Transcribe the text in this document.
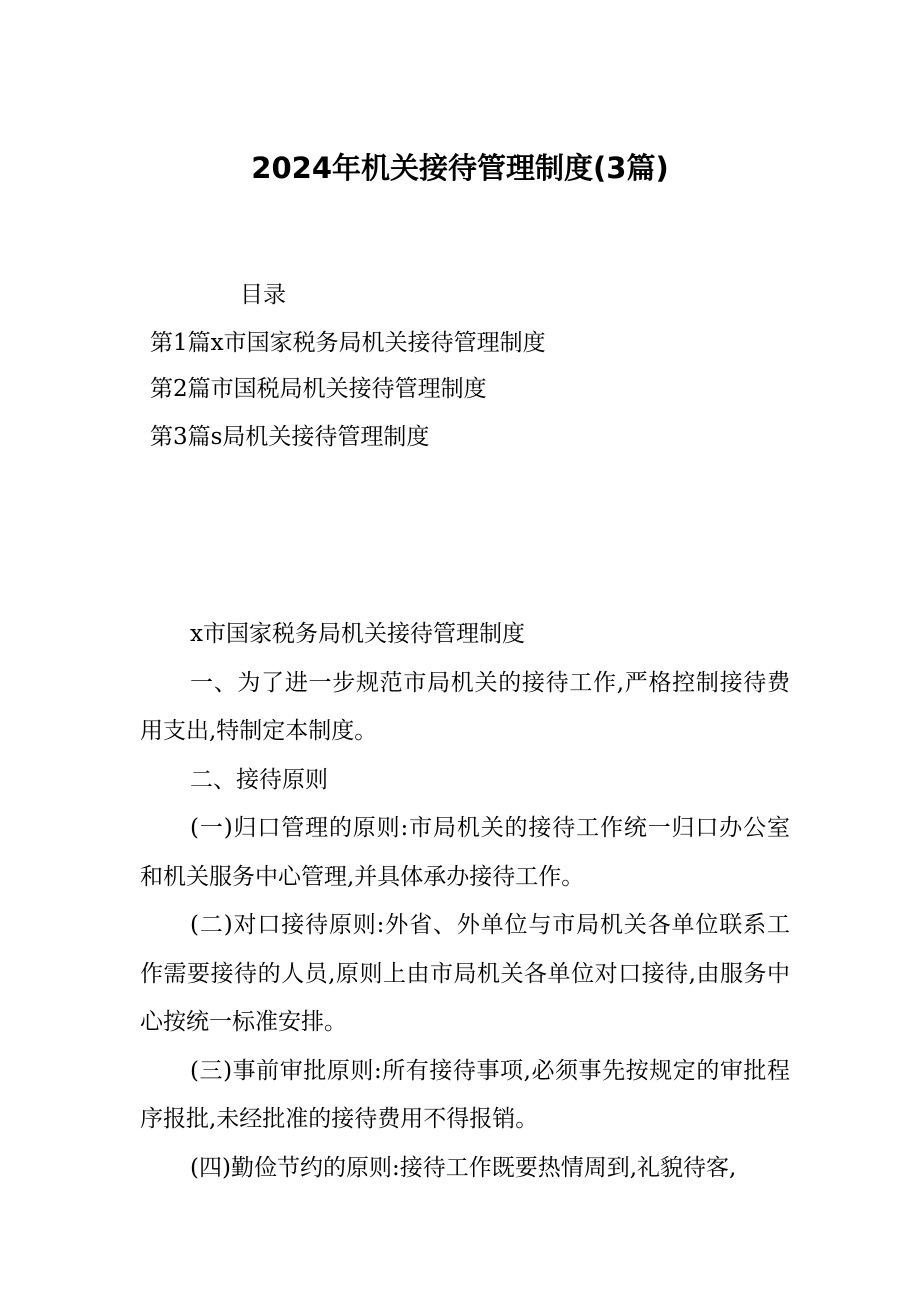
2024年机关接待管理制度(3篇)
目录
第1篇x市国家税务局机关接待管理制度
第2篇市国税局机关接待管理制度
第3篇s局机关接待管理制度

x市国家税务局机关接待管理制度

一、为了进一步规范市局机关的接待工作,严格控制接待费用支出,特制定本制度。

二、接待原则

(一)归口管理的原则:市局机关的接待工作统一归口办公室和机关服务中心管理,并具体承办接待工作。

(二)对口接待原则:外省、外单位与市局机关各单位联系工作需要接待的人员,原则上由市局机关各单位对口接待,由服务中心按统一标准安排。

(三)事前审批原则:所有接待事项,必须事先按规定的审批程序报批,未经批准的接待费用不得报销。

(四)勤俭节约的原则:接待工作既要热情周到,礼貌待客,
